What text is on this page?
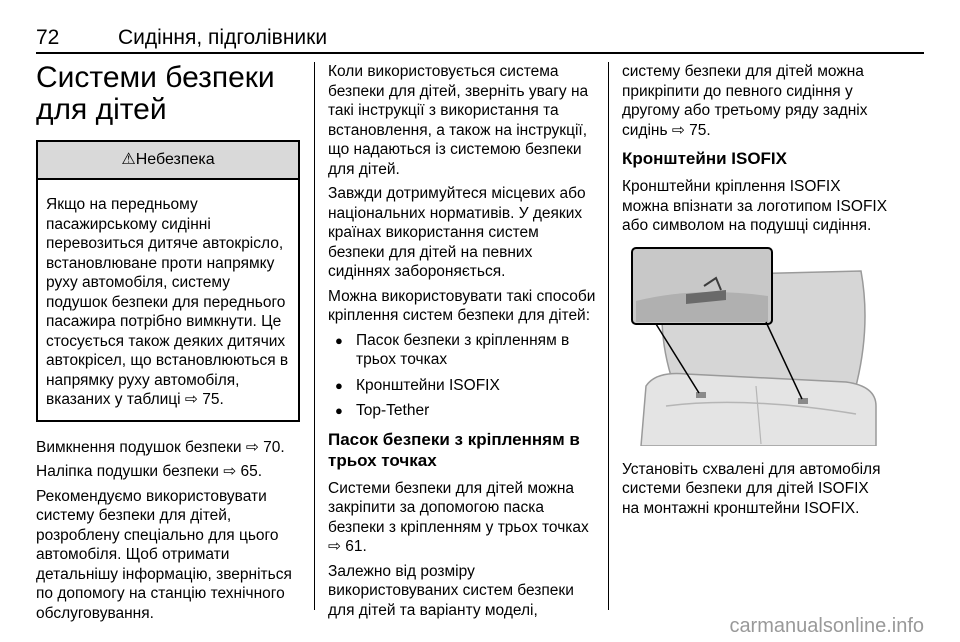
72	Сидіння, підголівники
Системи безпеки для дітей
⚠Небезпека
Якщо на передньому пасажирському сидінні перевозиться дитяче автокрісло, встановлюване проти напрямку руху автомобіля, систему подушок безпеки для переднього пасажира потрібно вимкнути. Це стосується також деяких дитячих автокрісел, що встановлюються в напрямку руху автомобіля, вказаних у таблиці ⇨ 75.

Вимкнення подушок безпеки ⇨ 70.

Наліпка подушки безпеки ⇨ 65.

Рекомендуємо використовувати систему безпеки для дітей, розроблену спеціально для цього автомобіля. Щоб отримати детальнішу інформацію, зверніться по допомогу на станцію технічного обслуговування.

Коли використовується система безпеки для дітей, зверніть увагу на такі інструкції з використання та встановлення, а також на інструкції, що надаються із системою безпеки для дітей.

Завжди дотримуйтеся місцевих або національних нормативів. У деяких країнах використання систем безпеки для дітей на певних сидіннях забороняється.

Можна використовувати такі способи кріплення систем безпеки для дітей:

● Пасок безпеки з кріпленням в трьох точках
● Кронштейни ISOFIX
● Top-Tether
Пасок безпеки з кріпленням в трьох точках

Системи безпеки для дітей можна закріпити за допомогою паска безпеки з кріпленням у трьох точках ⇨ 61.

Залежно від розміру використовуваних систем безпеки для дітей та варіанту моделі,

систему безпеки для дітей можна прикріпити до певного сидіння у другому або третьому ряду задніх сидінь ⇨ 75.

Кронштейни ISOFIX

Кронштейни кріплення ISOFIX можна впізнати за логотипом ISOFIX або символом на подушці сидіння.

Установіть схвалені для автомобіля системи безпеки для дітей ISOFIX на монтажні кронштейни ISOFIX.

carmanualsonline.info
